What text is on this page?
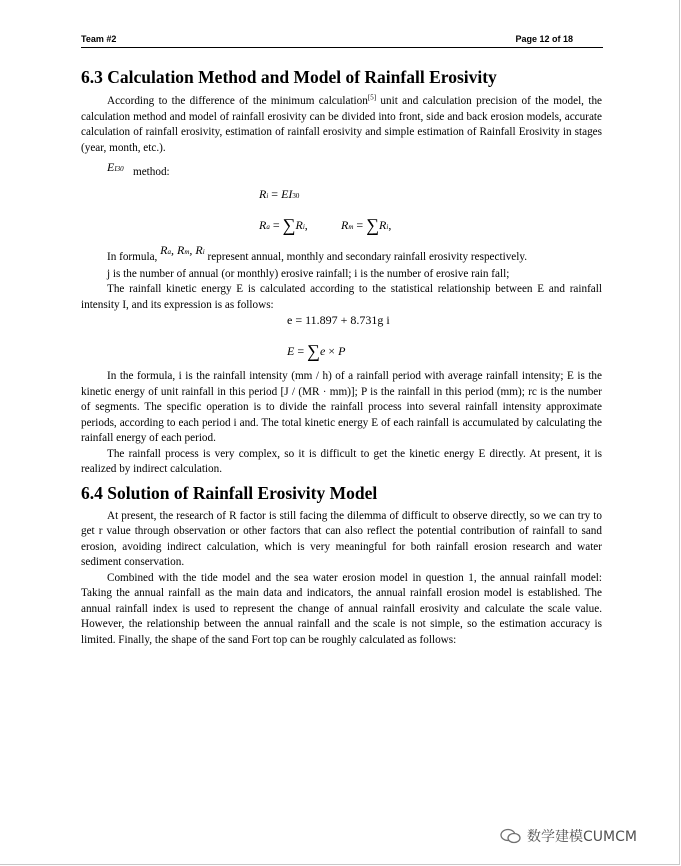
Team #2	Page 12 of 18
6.3 Calculation Method and Model of Rainfall Erosivity

According to the difference of the minimum calculation[5] unit and calculation precision of the model, the calculation method and model of rainfall erosivity can be divided into front, side and back erosion models, accurate calculation of rainfall erosivity, estimation of rainfall erosivity and simple estimation of Rainfall Erosivity in stages (year, month, etc.).

EI30 method:
Ri = EI30
Ra = ∑Ri,	Rm = ∑Ri,

In formula, Ra, Rm, Ri represent annual, monthly and secondary rainfall erosivity respectively.

j is the number of annual (or monthly) erosive rainfall; i is the number of erosive rain fall;

The rainfall kinetic energy E is calculated according to the statistical relationship between E and rainfall intensity I, and its expression is as follows:

e = 11.897 + 8.731g i
E = ∑e × P

In the formula, i is the rainfall intensity (mm / h) of a rainfall period with average rainfall intensity; E is the kinetic energy of unit rainfall in this period [J / (MR · mm)]; P is the rainfall in this period (mm); rc is the number of segments. The specific operation is to divide the rainfall process into several rainfall intensity approximate periods, according to each period i and. The total kinetic energy E of each rainfall is accumulated by calculating the rainfall energy of each period.

The rainfall process is very complex, so it is difficult to get the kinetic energy E directly. At present, it is realized by indirect calculation.

6.4 Solution of Rainfall Erosivity Model

At present, the research of R factor is still facing the dilemma of difficult to observe directly, so we can try to get r value through observation or other factors that can also reflect the potential contribution of rainfall to sand erosion, avoiding indirect calculation, which is very meaningful for both rainfall erosion research and water sediment conservation.

Combined with the tide model and the sea water erosion model in question 1, the annual rainfall model: Taking the annual rainfall as the main data and indicators, the annual rainfall erosion model is established. The annual rainfall index is used to represent the change of annual rainfall erosivity and calculate the scale value. However, the relationship between the annual rainfall and the scale is not simple, so the estimation accuracy is limited. Finally, the shape of the sand Fort top can be roughly calculated as follows:

数学建模CUMCM
